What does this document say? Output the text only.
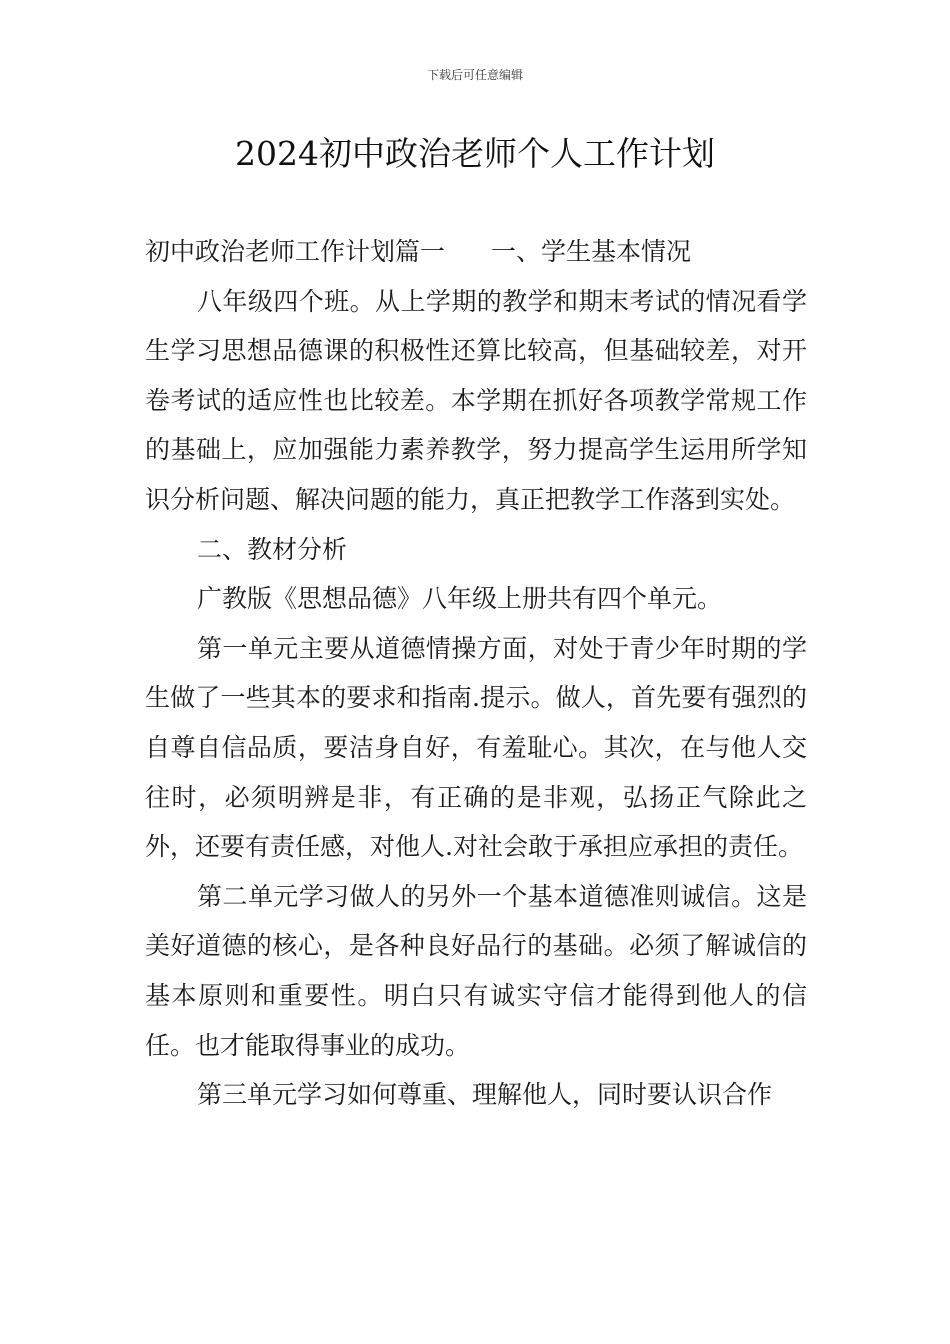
下载后可任意编辑
2024初中政治老师个人工作计划

初中政治老师工作计划篇一 一、学生基本情况

八年级四个班。从上学期的教学和期末考试的情况看学生学习思想品德课的积极性还算比较高，但基础较差，对开卷考试的适应性也比较差。本学期在抓好各项教学常规工作的基础上，应加强能力素养教学，努力提高学生运用所学知识分析问题、解决问题的能力，真正把教学工作落到实处。

二、教材分析

广教版《思想品德》八年级上册共有四个单元。

第一单元主要从道德情操方面，对处于青少年时期的学生做了一些其本的要求和指南.提示。做人，首先要有强烈的自尊自信品质，要洁身自好，有羞耻心。其次，在与他人交往时，必须明辨是非，有正确的是非观，弘扬正气除此之外，还要有责任感，对他人.对社会敢于承担应承担的责任。

第二单元学习做人的另外一个基本道德准则诚信。这是美好道德的核心，是各种良好品行的基础。必须了解诚信的基本原则和重要性。明白只有诚实守信才能得到他人的信任。也才能取得事业的成功。

第三单元学习如何尊重、理解他人，同时要认识合作
